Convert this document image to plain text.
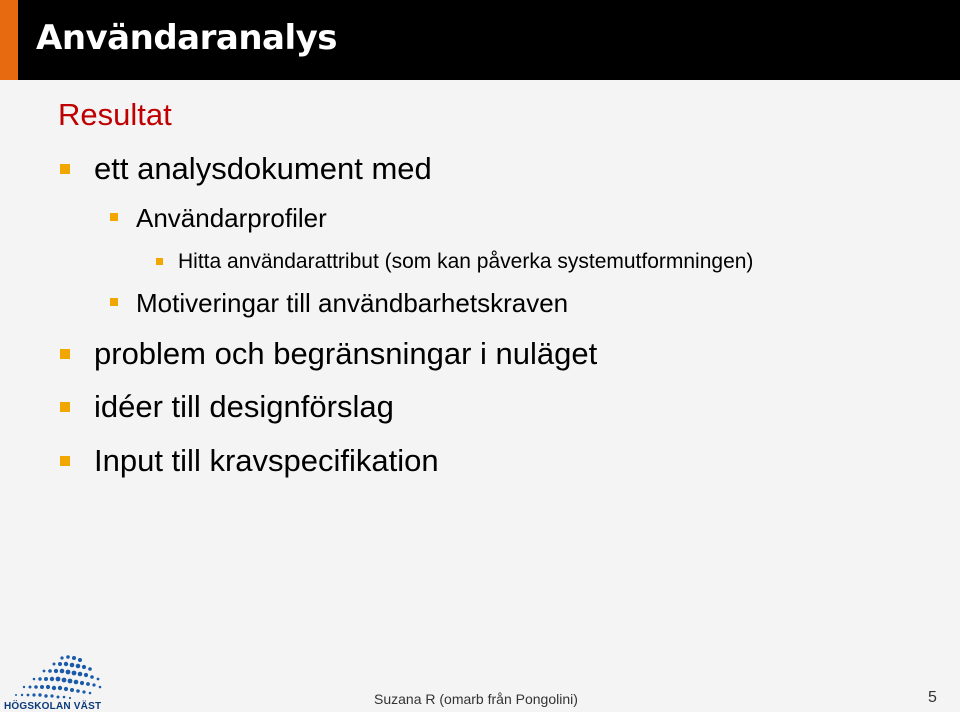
Användaranalys
Resultat
ett analysdokument med
Användarprofiler
Hitta användarattribut (som kan påverka systemutformningen)
Motiveringar till användbarhetskraven
problem och begränsningar i nuläget
idéer till designförslag
Input till kravspecifikation
HÖGSKOLAN VÄST	Suzana R (omarb från Pongolini)	5
